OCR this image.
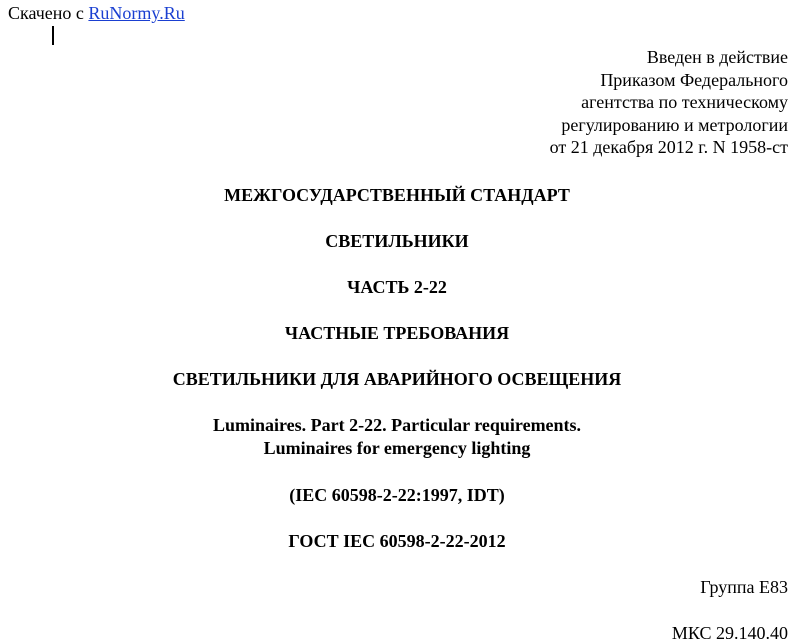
Скачено с RuNormy.Ru
Введен в действие
Приказом Федерального
агентства по техническому
регулированию и метрологии
от 21 декабря 2012 г. N 1958-ст
МЕЖГОСУДАРСТВЕННЫЙ СТАНДАРТ
СВЕТИЛЬНИКИ
ЧАСТЬ 2-22
ЧАСТНЫЕ ТРЕБОВАНИЯ
СВЕТИЛЬНИКИ ДЛЯ АВАРИЙНОГО ОСВЕЩЕНИЯ
Luminaires. Part 2-22. Particular requirements.
Luminaires for emergency lighting
(IEC 60598-2-22:1997, IDT)
ГОСТ IEC 60598-2-22-2012
Группа Е83
МКС 29.140.40
